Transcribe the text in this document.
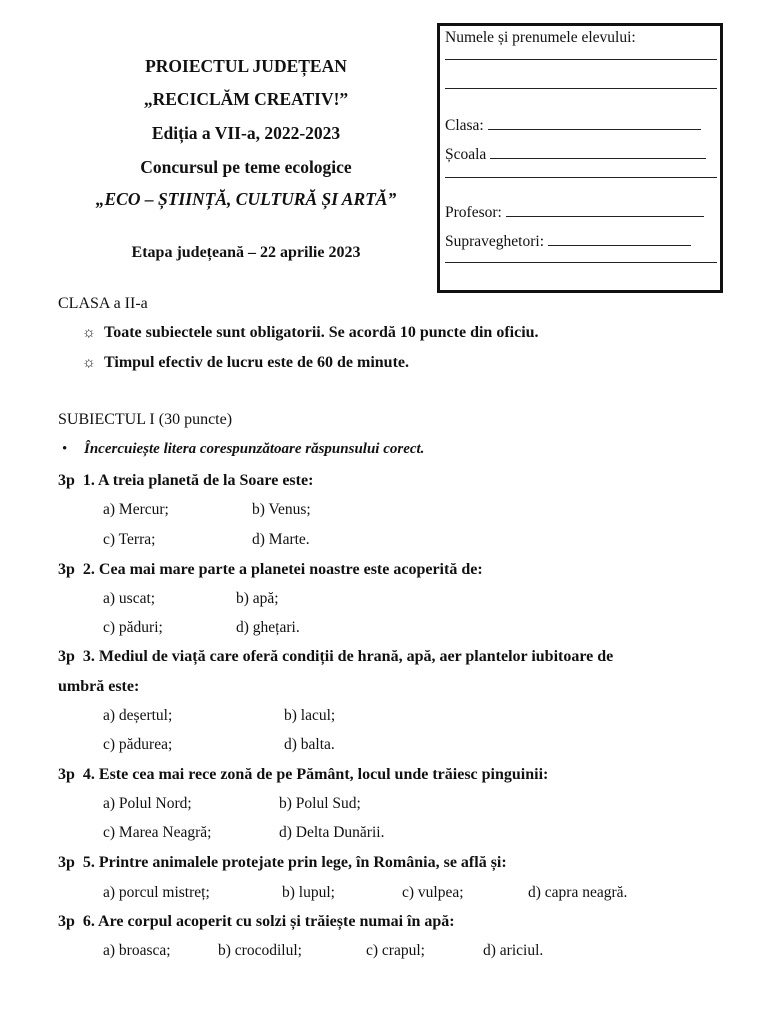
PROIECTUL JUDEȚEAN
„RECICLĂM CREATIV!”
Ediția a VII-a, 2022-2023
Concursul pe teme ecologice
„ECO – ȘTIINȚĂ, CULTURĂ ȘI ARTĂ”
Etapa județeană – 22 aprilie 2023
Numele și prenumele elevului:
Clasa:
Școala
Profesor:
Supraveghetori:
CLASA a II-a
☼ Toate subiectele sunt obligatorii. Se acordă 10 puncte din oficiu.
☼ Timpul efectiv de lucru este de 60 de minute.
SUBIECTUL I (30 puncte)
• Încercuiește litera corespunzătoare răspunsului corect.
3p 1. A treia planetă de la Soare este:
a) Mercur;	b) Venus;
c) Terra;	d) Marte.
3p 2. Cea mai mare parte a planetei noastre este acoperită de:
a) uscat;	b) apă;
c) păduri;	d) ghețari.
3p 3. Mediul de viață care oferă condiții de hrană, apă, aer plantelor iubitoare de
umbră este:
a) deșertul;	b) lacul;
c) pădurea;	d) balta.
3p 4. Este cea mai rece zonă de pe Pământ, locul unde trăiesc pinguinii:
a) Polul Nord;	b) Polul Sud;
c) Marea Neagră;	d) Delta Dunării.
3p 5. Printre animalele protejate prin lege, în România, se află și:
a) porcul mistreț;	b) lupul;	c) vulpea;	d) capra neagră.
3p 6. Are corpul acoperit cu solzi și trăiește numai în apă:
a) broasca;	b) crocodilul;	c) crapul;	d) ariciul.
